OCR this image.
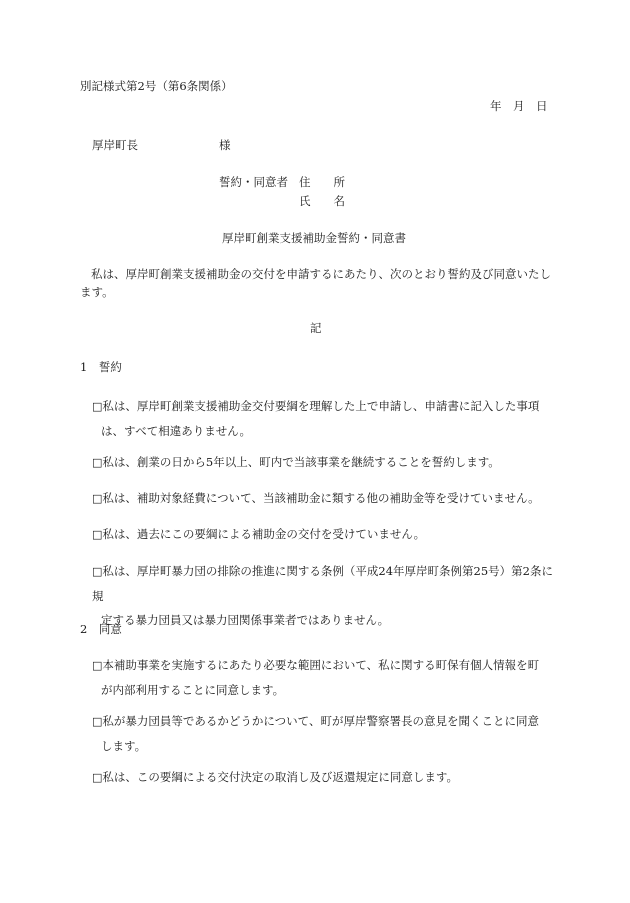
別記様式第2号（第6条関係）
年　月　日
厚岸町長	様
誓約・同意者 住　　所
氏　　名
厚岸町創業支援補助金誓約・同意書
私は、厚岸町創業支援補助金の交付を申請するにあたり、次のとおり誓約及び同意いたします。
記
1　誓約
□私は、厚岸町創業支援補助金交付要綱を理解した上で申請し、申請書に記入した事項
は、すべて相違ありません。
□私は、創業の日から5年以上、町内で当該事業を継続することを誓約します。
□私は、補助対象経費について、当該補助金に類する他の補助金等を受けていません。
□私は、過去にこの要綱による補助金の交付を受けていません。
□私は、厚岸町暴力団の排除の推進に関する条例（平成24年厚岸町条例第25号）第2条に規
定する暴力団員又は暴力団関係事業者ではありません。
2　同意
□本補助事業を実施するにあたり必要な範囲において、私に関する町保有個人情報を町
が内部利用することに同意します。
□私が暴力団員等であるかどうかについて、町が厚岸警察署長の意見を聞くことに同意
します。
□私は、この要綱による交付決定の取消し及び返還規定に同意します。
